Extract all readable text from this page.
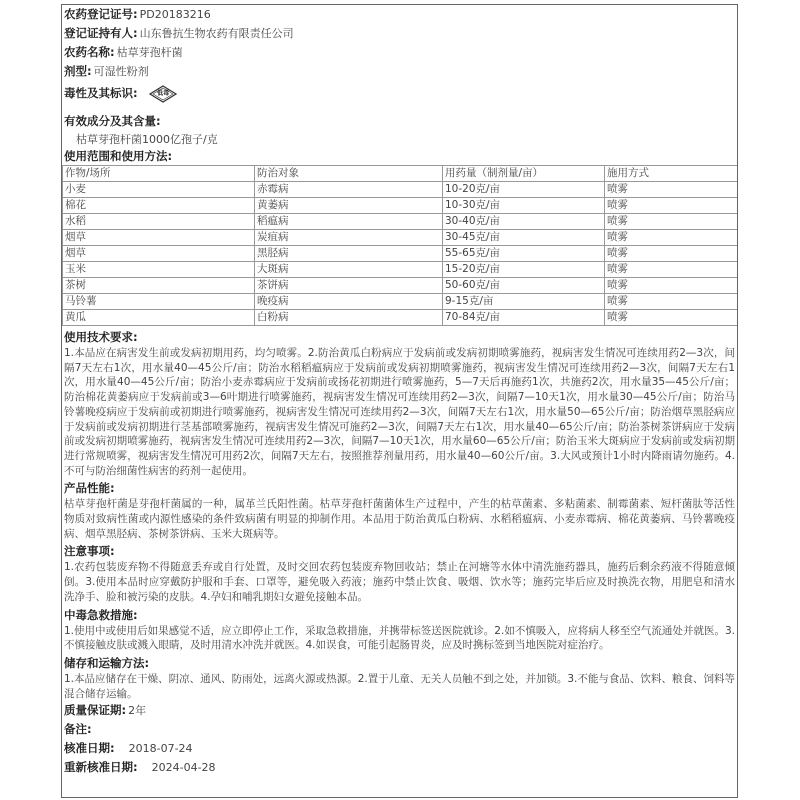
农药登记证号: PD20183216
登记证持有人: 山东鲁抗生物农药有限责任公司
农药名称: 枯草芽孢杆菌
剂型: 可湿性粉剂
毒性及其标识:	低毒
有效成分及其含量:
枯草芽孢杆菌1000亿孢子/克
使用范围和使用方法:
作物/场所	防治对象	用药量（制剂量/亩）	施用方式
小麦	赤霉病	10-20克/亩	喷雾
棉花	黄萎病	10-30克/亩	喷雾
水稻	稻瘟病	30-40克/亩	喷雾
烟草	炭疽病	30-45克/亩	喷雾
烟草	黑胫病	55-65克/亩	喷雾
玉米	大斑病	15-20克/亩	喷雾
茶树	茶饼病	50-60克/亩	喷雾
马铃薯	晚疫病	9-15克/亩	喷雾
黄瓜	白粉病	70-84克/亩	喷雾
使用技术要求:
1.本品应在病害发生前或发病初期用药，均匀喷雾。2.防治黄瓜白粉病应于发病前或发病初期喷雾施药，视病害发生情况可连续用药2—3次，间隔7天左右1次，用水量40—45公斤/亩；防治水稻稻瘟病应于发病前或发病初期喷雾施药，视病害发生情况可连续用药2—3次，间隔7天左右1次，用水量40—45公斤/亩；防治小麦赤霉病应于发病前或扬花初期进行喷雾施药，5—7天后再施药1次，共施药2次，用水量35—45公斤/亩；防治棉花黄萎病应于发病前或3—6叶期进行喷雾施药，视病害发生情况可连续用药2—3次，间隔7—10天1次，用水量30—45公斤/亩；防治马铃薯晚疫病应于发病前或初期进行喷雾施药，视病害发生情况可连续用药2—3次，间隔7天左右1次，用水量50—65公斤/亩；防治烟草黑胫病应于发病前或发病初期进行茎基部喷雾施药，视病害发生情况可施药2—3次，间隔7天左右1次，用水量40—65公斤/亩；防治茶树茶饼病应于发病前或发病初期喷雾施药，视病害发生情况可连续用药2—3次，间隔7—10天1次，用水量60—65公斤/亩；防治玉米大斑病应于发病前或发病初期进行常规喷雾，视病害发生情况可用药2次，间隔7天左右，按照推荐剂量用药，用水量40—60公斤/亩。3.大风或预计1小时内降雨请勿施药。4.不可与防治细菌性病害的药剂一起使用。
产品性能:
枯草芽孢杆菌是芽孢杆菌属的一种，属革兰氏阳性菌。枯草芽孢杆菌菌体生产过程中，产生的枯草菌素、多粘菌素、制霉菌素、短杆菌肽等活性物质对致病性菌或内源性感染的条件致病菌有明显的抑制作用。本品用于防治黄瓜白粉病、水稻稻瘟病、小麦赤霉病、棉花黄萎病、马铃薯晚疫病、烟草黑胫病、茶树茶饼病、玉米大斑病等。
注意事项:
1.农药包装废弃物不得随意丢弃或自行处置，及时交回农药包装废弃物回收站；禁止在河塘等水体中清洗施药器具，施药后剩余药液不得随意倾倒。3.使用本品时应穿戴防护服和手套、口罩等，避免吸入药液；施药中禁止饮食、吸烟、饮水等；施药完毕后应及时换洗衣物，用肥皂和清水洗净手、脸和被污染的皮肤。4.孕妇和哺乳期妇女避免接触本品。
中毒急救措施:
1.使用中或使用后如果感觉不适，应立即停止工作，采取急救措施，并携带标签送医院就诊。2.如不慎吸入，应将病人移至空气流通处并就医。3.不慎接触皮肤或溅入眼睛，及时用清水冲洗并就医。4.如误食，可能引起肠胃炎，应及时携标签到当地医院对症治疗。
储存和运输方法:
1.本品应储存在干燥、阴凉、通风、防雨处，远离火源或热源。2.置于儿童、无关人员触不到之处，并加锁。3.不能与食品、饮料、粮食、饲料等混合储存运输。
质量保证期: 2年
备注:
核准日期: 2018-07-24
重新核准日期: 2024-04-28
